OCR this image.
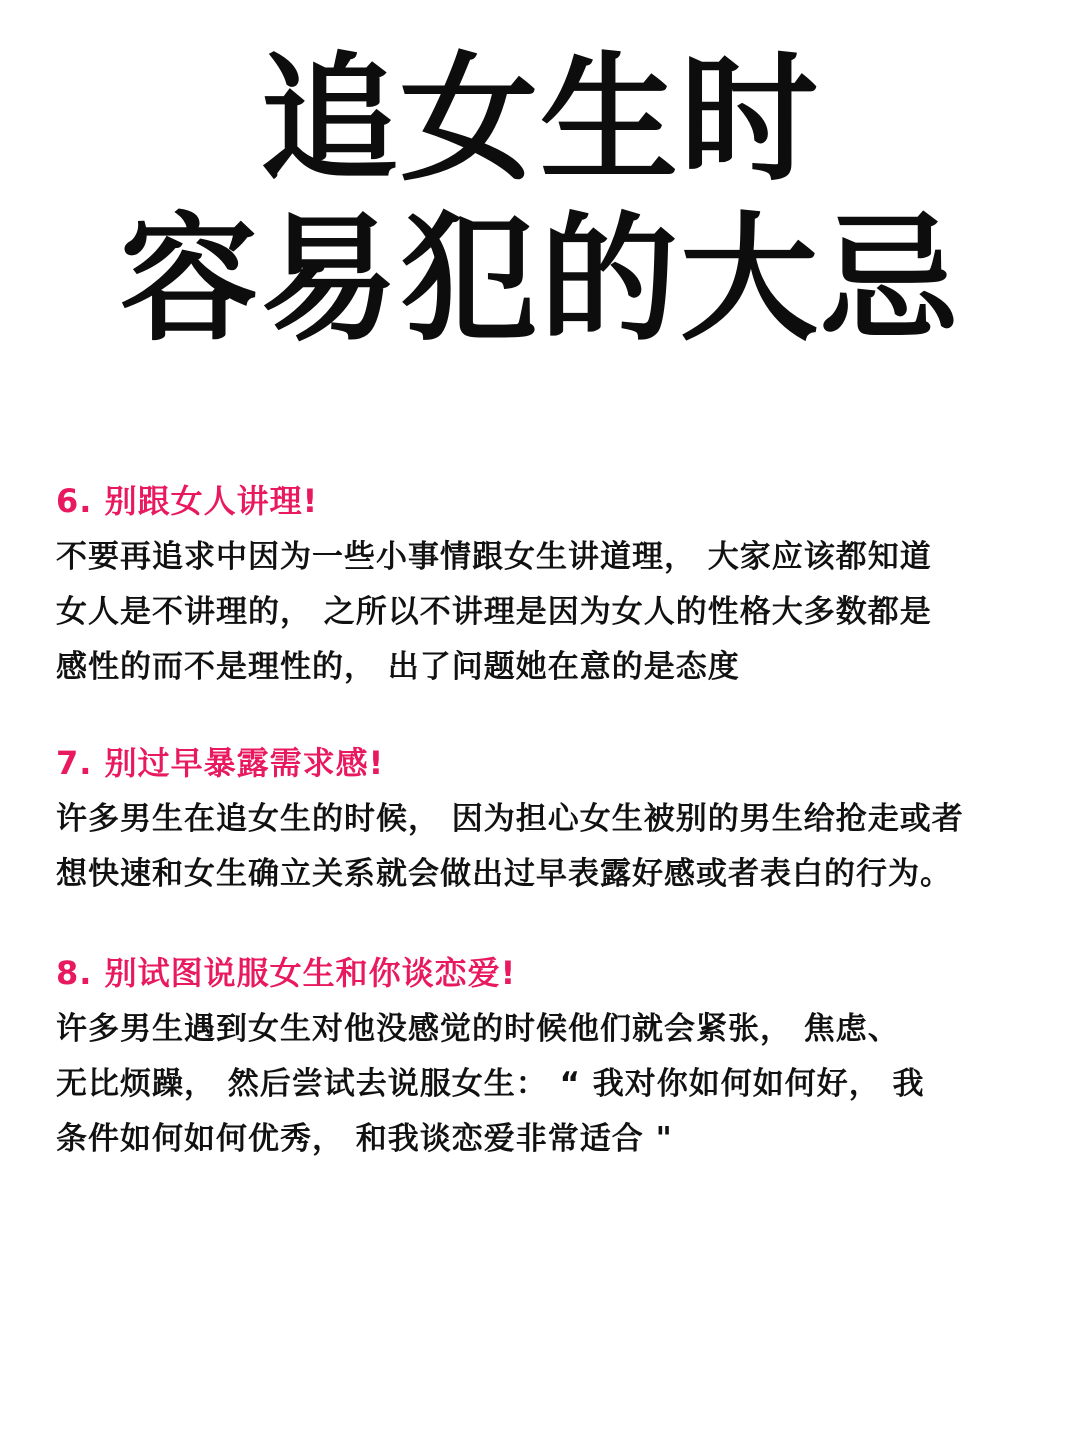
追女生时
容易犯的大忌

6. 别跟女人讲理!

不要再追求中因为一些小事情跟女生讲道理， 大家应该都知道
女人是不讲理的， 之所以不讲理是因为女人的性格大多数都是
感性的而不是理性的， 出了问题她在意的是态度

7. 别过早暴露需求感!

许多男生在追女生的时候， 因为担心女生被别的男生给抢走或者
想快速和女生确立关系就会做出过早表露好感或者表白的行为。

8. 别试图说服女生和你谈恋爱!

许多男生遇到女生对他没感觉的时候他们就会紧张， 焦虑、
无比烦躁， 然后尝试去说服女生： “ 我对你如何如何好， 我
条件如何如何优秀， 和我谈恋爱非常适合 "
